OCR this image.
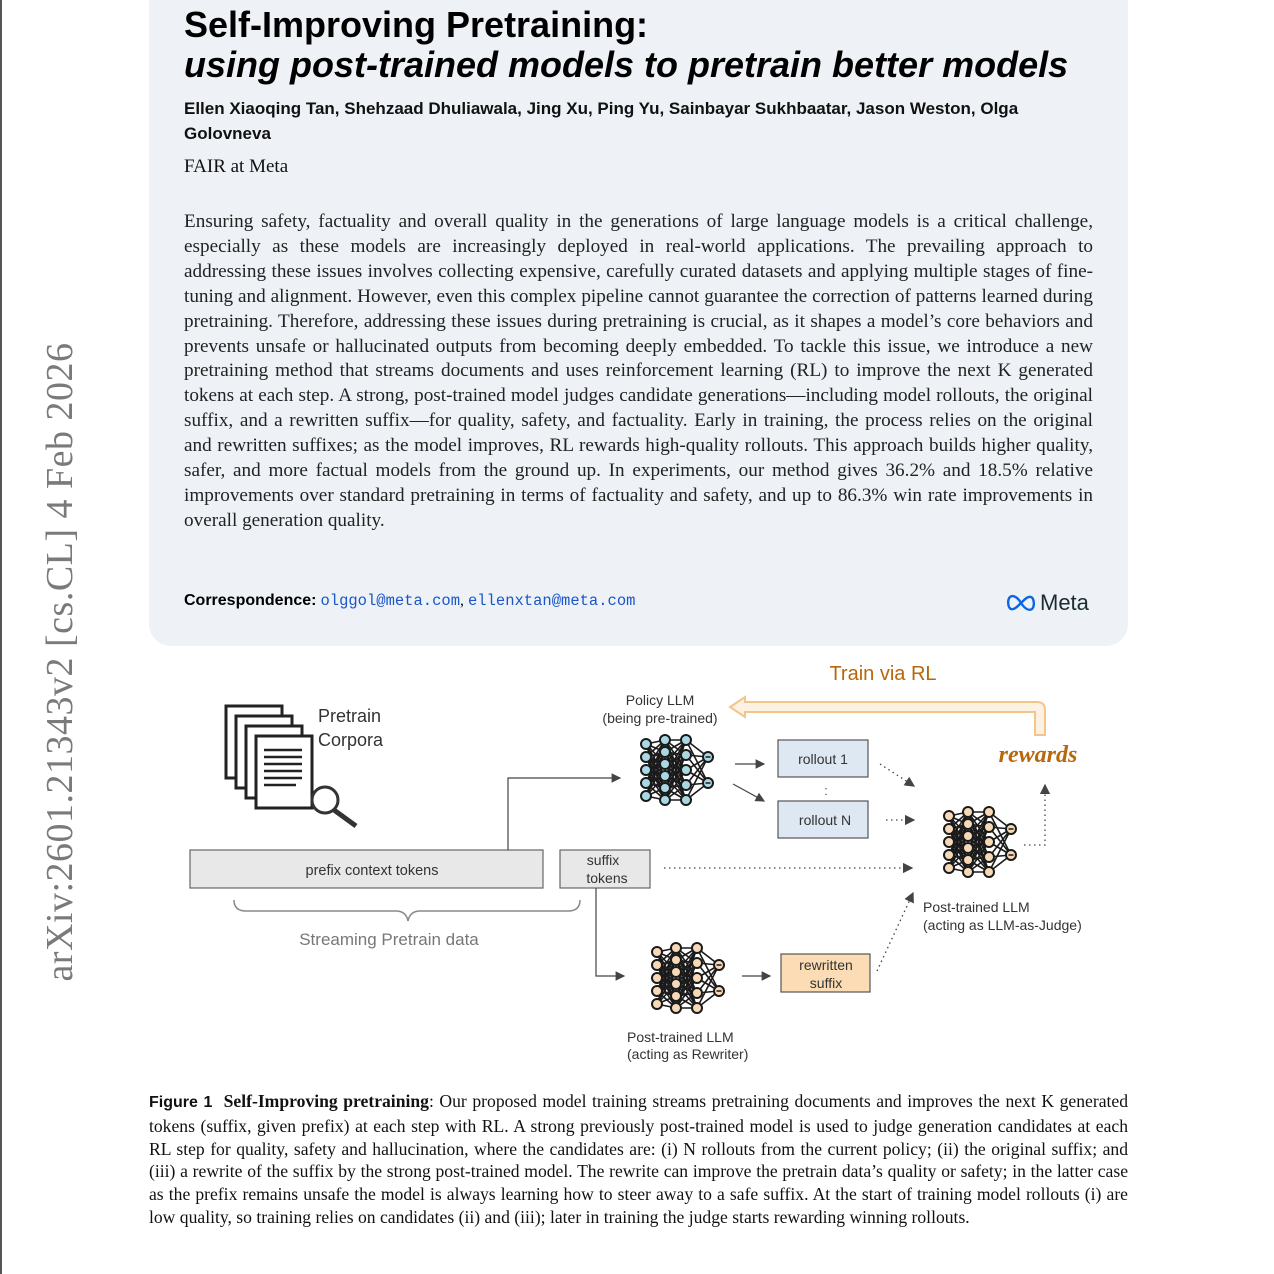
arXiv:2601.21343v2 [cs.CL] 4 Feb 2026
Self-Improving Pretraining:
using post-trained models to pretrain better models
Ellen Xiaoqing Tan, Shehzaad Dhuliawala, Jing Xu, Ping Yu, Sainbayar Sukhbaatar, Jason Weston, Olga Golovneva
FAIR at Meta
Ensuring safety, factuality and overall quality in the generations of large language models is a critical challenge, especially as these models are increasingly deployed in real-world applications. The prevailing approach to addressing these issues involves collecting expensive, carefully curated datasets and applying multiple stages of fine-tuning and alignment. However, even this complex pipeline cannot guarantee the correction of patterns learned during pretraining. Therefore, addressing these issues during pretraining is crucial, as it shapes a model’s core behaviors and prevents unsafe or hallucinated outputs from becoming deeply embedded. To tackle this issue, we introduce a new pretraining method that streams documents and uses reinforcement learning (RL) to improve the next K generated tokens at each step. A strong, post-trained model judges candidate generations—including model rollouts, the original suffix, and a rewritten suffix—for quality, safety, and factuality. Early in training, the process relies on the original and rewritten suffixes; as the model improves, RL rewards high-quality rollouts. This approach builds higher quality, safer, and more factual models from the ground up. In experiments, our method gives 36.2% and 18.5% relative improvements over standard pretraining in terms of factuality and safety, and up to 86.3% win rate improvements in overall generation quality.
Correspondence: olggol@meta.com, ellenxtan@meta.com	Meta
Train via RL
rewards
Pretrain
Corpora
prefix context tokens
suffix
tokens
Streaming Pretrain data
Policy LLM
(being pre-trained)
rollout 1
:
rollout N
Post-trained LLM
(acting as LLM-as-Judge)
Post-trained LLM
(acting as Rewriter)
rewritten
suffix
Figure 1 Self-Improving pretraining: Our proposed model training streams pretraining documents and improves the next K generated tokens (suffix, given prefix) at each step with RL. A strong previously post-trained model is used to judge generation candidates at each RL step for quality, safety and hallucination, where the candidates are: (i) N rollouts from the current policy; (ii) the original suffix; and (iii) a rewrite of the suffix by the strong post-trained model. The rewrite can improve the pretrain data’s quality or safety; in the latter case as the prefix remains unsafe the model is always learning how to steer away to a safe suffix. At the start of training model rollouts (i) are low quality, so training relies on candidates (ii) and (iii); later in training the judge starts rewarding winning rollouts.
